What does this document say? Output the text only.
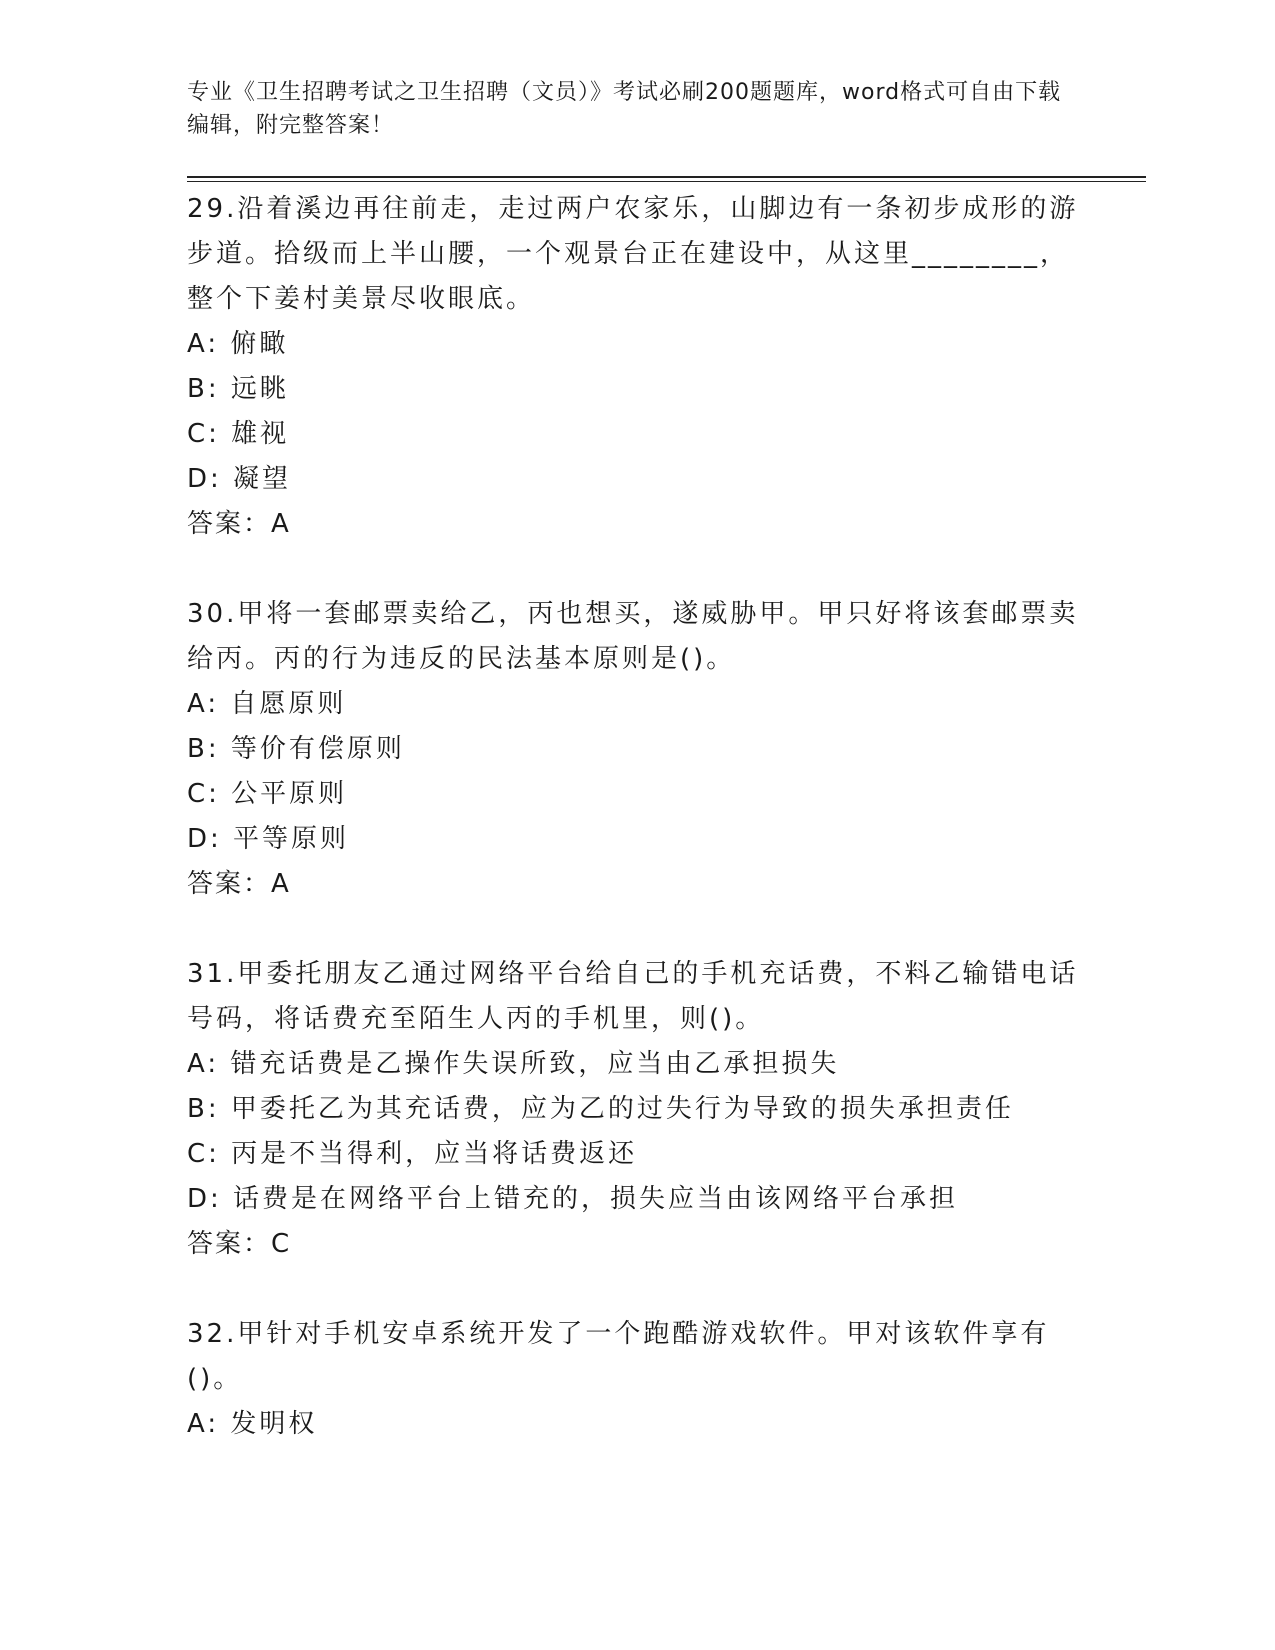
专业《卫生招聘考试之卫生招聘（文员）》考试必刷200题题库，word格式可自由下载编辑，附完整答案！
29.沿着溪边再往前走，走过两户农家乐，山脚边有一条初步成形的游步道。拾级而上半山腰，一个观景台正在建设中，从这里________，整个下姜村美景尽收眼底。
A: 俯瞰
B: 远眺
C: 雄视
D: 凝望
答案：A
30.甲将一套邮票卖给乙，丙也想买，遂威胁甲。甲只好将该套邮票卖给丙。丙的行为违反的民法基本原则是()。
A: 自愿原则
B: 等价有偿原则
C: 公平原则
D: 平等原则
答案：A
31.甲委托朋友乙通过网络平台给自己的手机充话费，不料乙输错电话号码，将话费充至陌生人丙的手机里，则()。
A: 错充话费是乙操作失误所致，应当由乙承担损失
B: 甲委托乙为其充话费，应为乙的过失行为导致的损失承担责任
C: 丙是不当得利，应当将话费返还
D: 话费是在网络平台上错充的，损失应当由该网络平台承担
答案：C
32.甲针对手机安卓系统开发了一个跑酷游戏软件。甲对该软件享有()。
A: 发明权
